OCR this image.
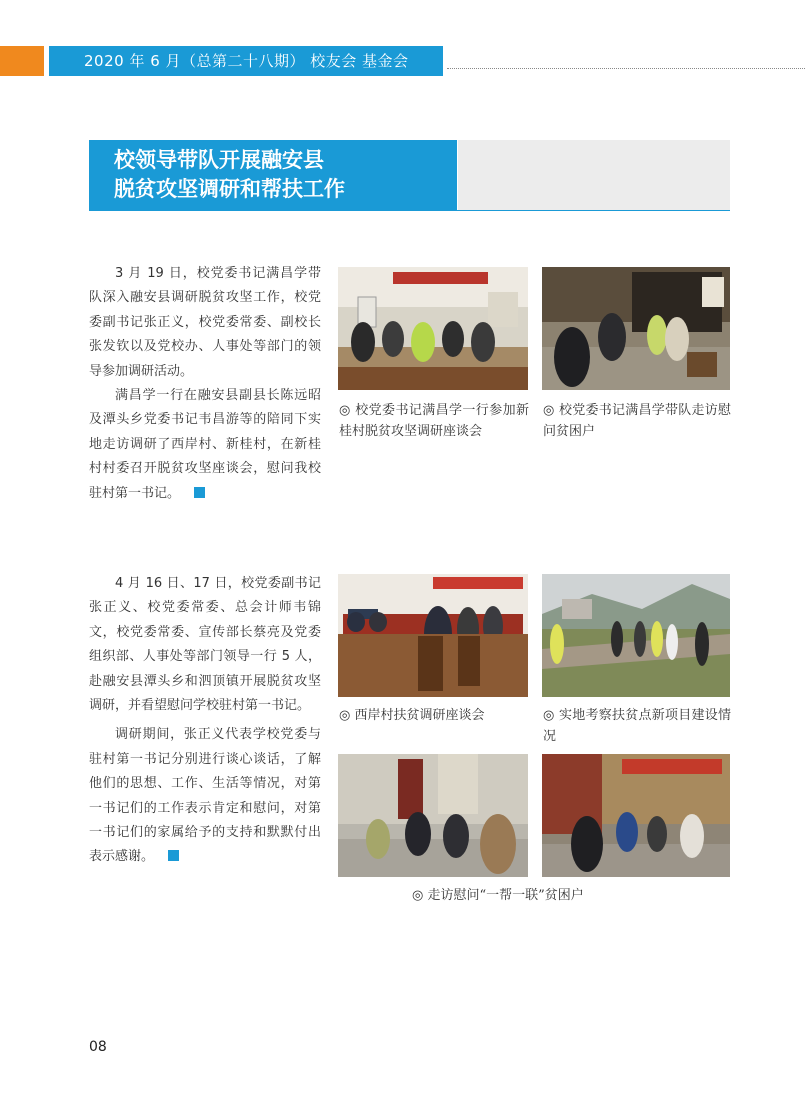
2020 年 6 月（总第二十八期） 校友会 基金会
校领导带队开展融安县
脱贫攻坚调研和帮扶工作
3 月 19 日，校党委书记满昌学带队深入融安县调研脱贫攻坚工作，校党委副书记张正义，校党委常委、副校长张发钦以及党校办、人事处等部门的领导参加调研活动。
满昌学一行在融安县副县长陈远昭及潭头乡党委书记韦昌游等的陪同下实地走访调研了西岸村、新桂村，在新桂村村委召开脱贫攻坚座谈会，慰问我校驻村第一书记。
◎ 校党委书记满昌学一行参加新桂村脱贫攻坚调研座谈会
◎ 校党委书记满昌学带队走访慰问贫困户
4 月 16 日、17 日，校党委副书记张正义、校党委常委、总会计师韦锦文，校党委常委、宣传部长蔡亮及党委组织部、人事处等部门领导一行 5 人，赴融安县潭头乡和泗顶镇开展脱贫攻坚调研，并看望慰问学校驻村第一书记。
调研期间，张正义代表学校党委与驻村第一书记分别进行谈心谈话，了解他们的思想、工作、生活等情况，对第一书记们的工作表示肯定和慰问，对第一书记们的家属给予的支持和默默付出表示感谢。
◎ 西岸村扶贫调研座谈会	◎ 实地考察扶贫点新项目建设情况
◎ 走访慰问“一帮一联”贫困户
08
